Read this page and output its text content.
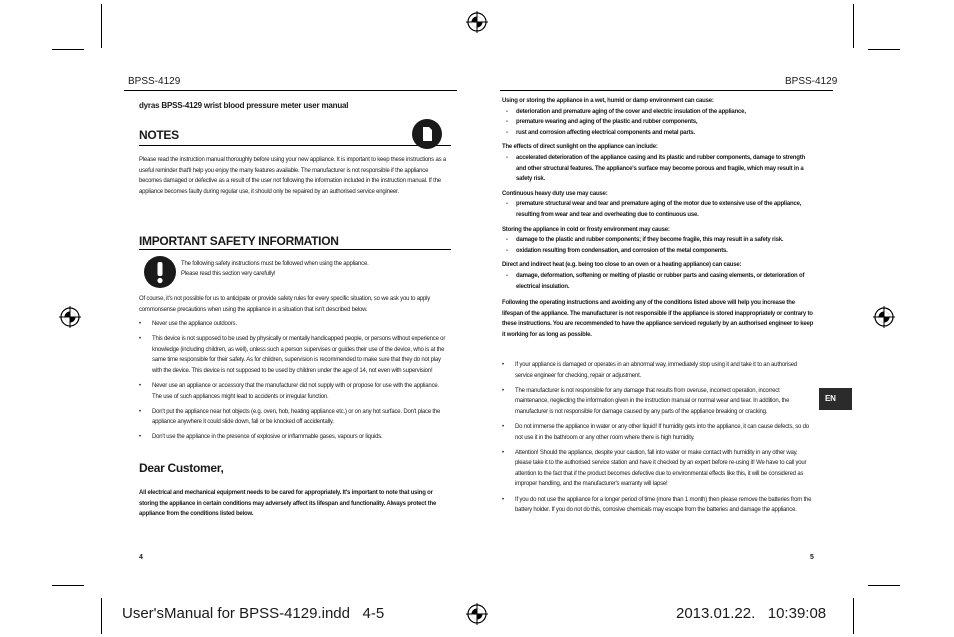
BPSS-4129	BPSS-4129
dyras BPSS-4129 wrist blood pressure meter user manual
NOTES
Please read the instruction manual thoroughly before using your new appliance. It is important to keep these instructions as a useful reminder that'll help you enjoy the many features available. The manufacturer is not responsible if the appliance becomes damaged or defective as a result of the user not following the information included in the instruction manual. If the appliance becomes faulty during regular use, it should only be repaired by an authorised service engineer.
IMPORTANT SAFETY INFORMATION
The following safety instructions must be followed when using the appliance.
Please read this section very carefully!
Of course, it's not possible for us to anticipate or provide safety rules for every specific situation, so we ask you to apply commonsense precautions when using the appliance in a situation that isn't described below.
• Never use the appliance outdoors.
• This device is not supposed to be used by physically or mentally handicapped people, or persons without experience or knowledge (including children, as well), unless such a person supervises or guides their use of the device, who is at the same time responsible for their safety. As for children, supervision is recommended to make sure that they do not play with the device. This device is not supposed to be used by children under the age of 14, not even with supervision!
• Never use an appliance or accessory that the manufacturer did not supply with or propose for use with the appliance. The use of such appliances might lead to accidents or irregular function.
• Don't put the appliance near hot objects (e.g. oven, hob, heating appliance etc.) or on any hot surface. Don't place the appliance anywhere it could slide down, fall or be knocked off accidentally.
• Don't use the appliance in the presence of explosive or inflammable gases, vapours or liquids.
Dear Customer,
All electrical and mechanical equipment needs to be cared for appropriately. It's important to note that using or storing the appliance in certain conditions may adversely affect its lifespan and functionality. Always protect the appliance from the conditions listed below.
4
Using or storing the appliance in a wet, humid or damp environment can cause:
- deterioration and premature aging of the cover and electric insulation of the appliance,
- premature wearing and aging of the plastic and rubber components,
- rust and corrosion affecting electrical components and metal parts.
The effects of direct sunlight on the appliance can include:
- accelerated deterioration of the appliance casing and its plastic and rubber components, damage to strength and other structural features. The appliance's surface may become porous and fragile, which may result in a safety risk.
Continuous heavy duty use may cause:
- premature structural wear and tear and premature aging of the motor due to extensive use of the appliance, resulting from wear and tear and overheating due to continuous use.
Storing the appliance in cold or frosty environment may cause:
- damage to the plastic and rubber components; if they become fragile, this may result in a safety risk.
- oxidation resulting from condensation, and corrosion of the metal components.
Direct and indirect heat (e.g. being too close to an oven or a heating appliance) can cause:
- damage, deformation, softening or melting of plastic or rubber parts and casing elements, or deterioration of electrical insulation.
Following the operating instructions and avoiding any of the conditions listed above will help you increase the lifespan of the appliance. The manufacturer is not responsible if the appliance is stored inappropriately or contrary to these instructions. You are recommended to have the appliance serviced regularly by an authorised engineer to keep it working for as long as possible.
• If your appliance is damaged or operates in an abnormal way, immediately stop using it and take it to an authorised service engineer for checking, repair or adjustment.
• The manufacturer is not responsible for any damage that results from overuse, incorrect operation, incorrect maintenance, neglecting the information given in the instruction manual or normal wear and tear. In addition, the manufacturer is not responsible for damage caused by any parts of the appliance breaking or cracking.
• Do not immerse the appliance in water or any other liquid! If humidity gets into the appliance, it can cause defects, so do not use it in the bathroom or any other room where there is high humidity.
• Attention! Should the appliance, despite your caution, fall into water or make contact with humidity in any other way, please take it to the authorised service station and have it checked by an expert before re-using it! We have to call your attention to the fact that if the product becomes defective due to environmental effects like this, it will be considered as improper handling, and the manufacturer's warranty will lapse!
• If you do not use the appliance for a longer period of time (more than 1 month) then please remove the batteries from the battery holder. If you do not do this, corrosive chemicals may escape from the batteries and damage the appliance.
5
EN
User'sManual for BPSS-4129.indd   4-5	2013.01.22.   10:39:08
